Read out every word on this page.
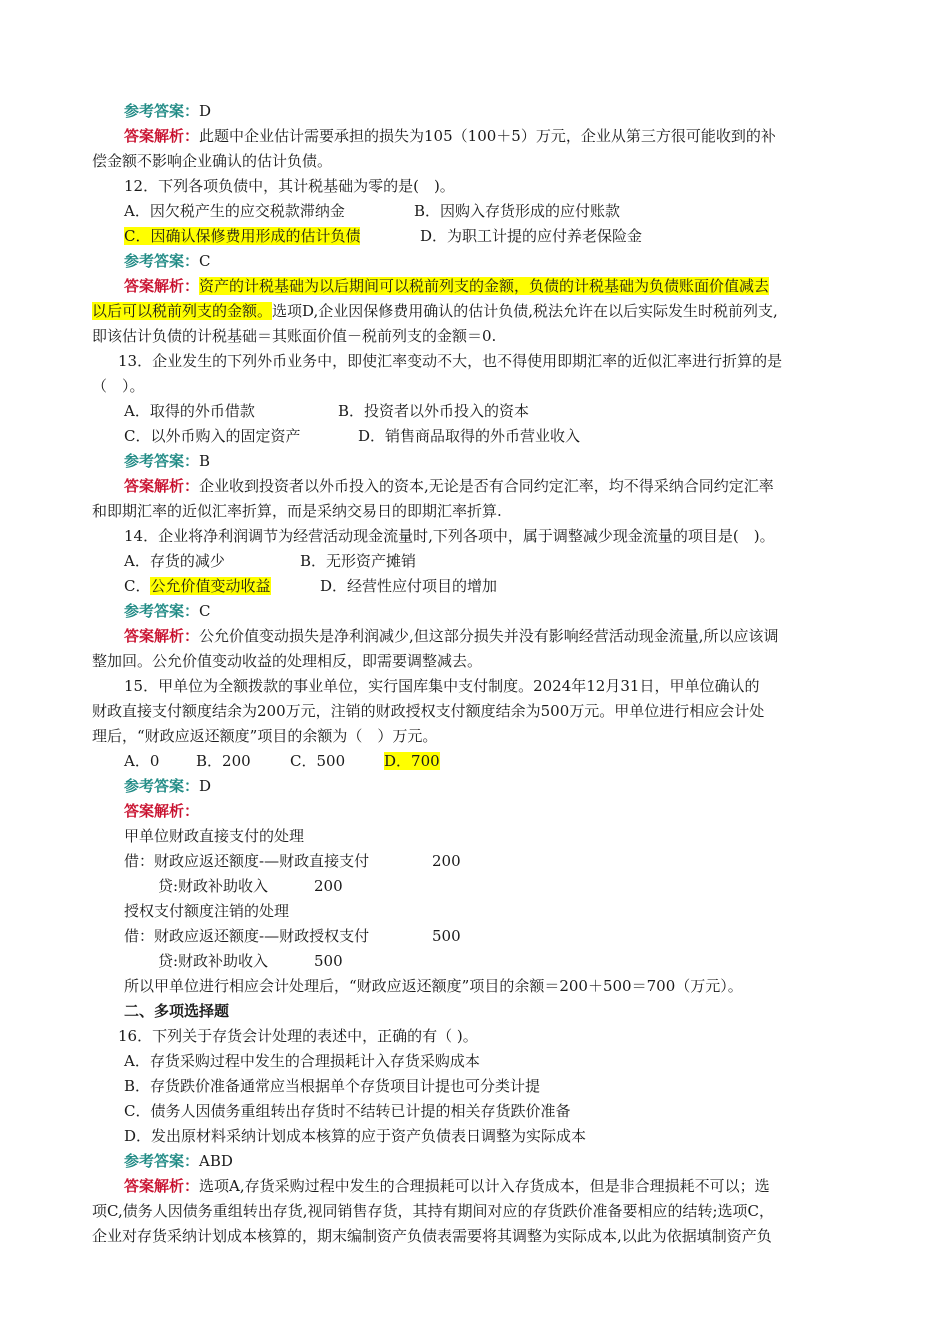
参考答案：D
答案解析：此题中企业估计需要承担的损失为105（100＋5）万元，企业从第三方很可能收到的补
偿金额不影响企业确认的估计负债。
12．下列各项负债中，其计税基础为零的是(　)。
A．因欠税产生的应交税款滞纳金	B．因购入存货形成的应付账款
C．因确认保修费用形成的估计负债	D．为职工计提的应付养老保险金
参考答案：C
答案解析：资产的计税基础为以后期间可以税前列支的金额，负债的计税基础为负债账面价值减去
以后可以税前列支的金额。选项D,企业因保修费用确认的估计负债,税法允许在以后实际发生时税前列支,
即该估计负债的计税基础＝其账面价值－税前列支的金额＝0.
13．企业发生的下列外币业务中，即使汇率变动不大，也不得使用即期汇率的近似汇率进行折算的是
（　）。
A．取得的外币借款	B．投资者以外币投入的资本
C．以外币购入的固定资产	D．销售商品取得的外币营业收入
参考答案：B
答案解析：企业收到投资者以外币投入的资本,无论是否有合同约定汇率，均不得采纳合同约定汇率
和即期汇率的近似汇率折算，而是采纳交易日的即期汇率折算.
14．企业将净利润调节为经营活动现金流量时,下列各项中，属于调整减少现金流量的项目是(　)。
A．存货的减少	B．无形资产摊销
C．公允价值变动收益	D．经营性应付项目的增加
参考答案：C
答案解析：公允价值变动损失是净利润减少,但这部分损失并没有影响经营活动现金流量,所以应该调
整加回。公允价值变动收益的处理相反，即需要调整减去。
15．甲单位为全额拨款的事业单位，实行国库集中支付制度。2024年12月31日，甲单位确认的
财政直接支付额度结余为200万元，注销的财政授权支付额度结余为500万元。甲单位进行相应会计处
理后，“财政应返还额度”项目的余额为（　）万元。
A．0 B．200	C．500	D．700
参考答案：D
答案解析：
甲单位财政直接支付的处理
借：财政应返还额度-—财政直接支付	200
贷:财政补助收入	200
授权支付额度注销的处理
借：财政应返还额度-—财政授权支付	500
贷:财政补助收入	500
所以甲单位进行相应会计处理后，“财政应返还额度”项目的余额＝200＋500＝700（万元）。
二、多项选择题
16．下列关于存货会计处理的表述中，正确的有（ )。
A．存货采购过程中发生的合理损耗计入存货采购成本
B．存货跌价准备通常应当根据单个存货项目计提也可分类计提
C．债务人因债务重组转出存货时不结转已计提的相关存货跌价准备
D．发出原材料采纳计划成本核算的应于资产负债表日调整为实际成本
参考答案：ABD
答案解析：选项A,存货采购过程中发生的合理损耗可以计入存货成本，但是非合理损耗不可以；选
项C,债务人因债务重组转出存货,视同销售存货，其持有期间对应的存货跌价准备要相应的结转;选项C，
企业对存货采纳计划成本核算的，期末编制资产负债表需要将其调整为实际成本,以此为依据填制资产负
